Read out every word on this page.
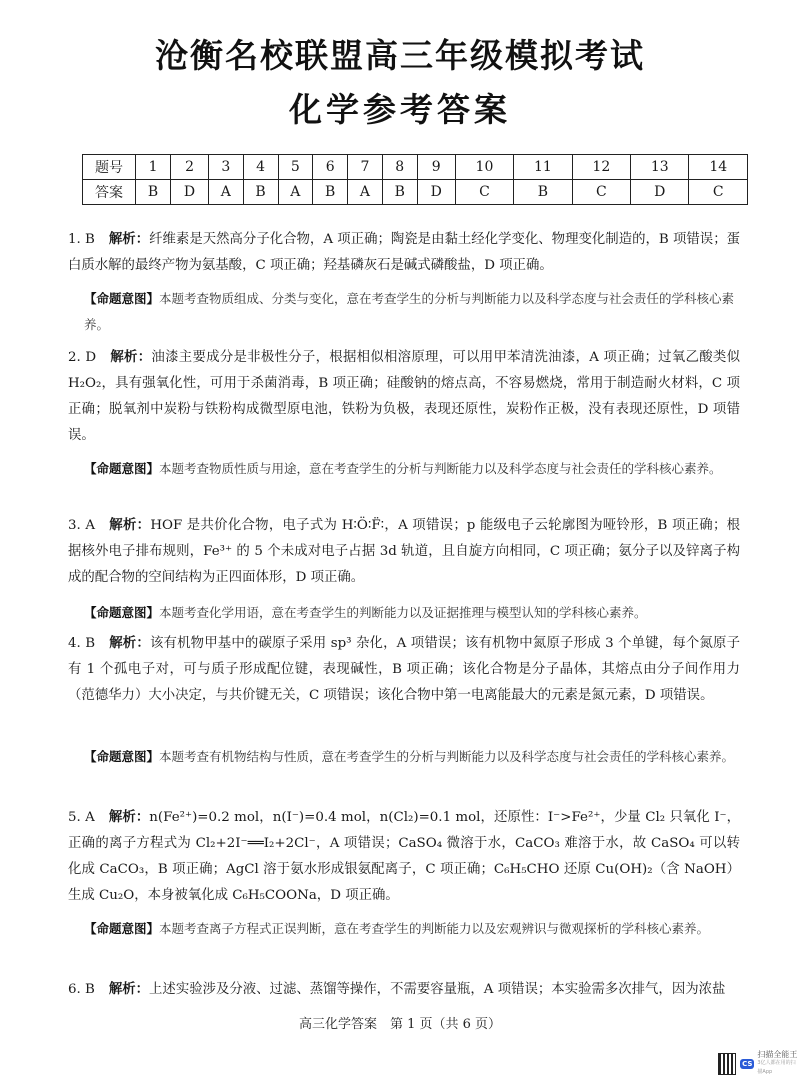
沧衡名校联盟高三年级模拟考试
化学参考答案
题号	1	2	3	4	5	6	7	8	9	10	11	12	13	14
答案	B	D	A	B	A	B	A	B	D	C	B	C	D	C
1. B 解析：纤维素是天然高分子化合物，A 项正确；陶瓷是由黏土经化学变化、物理变化制造的，B 项错误；蛋白质水解的最终产物为氨基酸，C 项正确；羟基磷灰石是碱式磷酸盐，D 项正确。
【命题意图】本题考查物质组成、分类与变化，意在考查学生的分析与判断能力以及科学态度与社会责任的学科核心素养。
2. D 解析：油漆主要成分是非极性分子，根据相似相溶原理，可以用甲苯清洗油漆，A 项正确；过氧乙酸类似 H₂O₂，具有强氧化性，可用于杀菌消毒，B 项正确；硅酸钠的熔点高，不容易燃烧，常用于制造耐火材料，C 项正确；脱氧剂中炭粉与铁粉构成微型原电池，铁粉为负极，表现还原性，炭粉作正极，没有表现还原性，D 项错误。
【命题意图】本题考查物质性质与用途，意在考查学生的分析与判断能力以及科学态度与社会责任的学科核心素养。
3. A 解析：HOF 是共价化合物，电子式为 H∶Ö∶F̈∶，A 项错误；p 能级电子云轮廓图为哑铃形，B 项正确；根据核外电子排布规则，Fe³⁺ 的 5 个未成对电子占据 3d 轨道，且自旋方向相同，C 项正确；氨分子以及锌离子构成的配合物的空间结构为正四面体形，D 项正确。
【命题意图】本题考查化学用语，意在考查学生的判断能力以及证据推理与模型认知的学科核心素养。
4. B 解析：该有机物甲基中的碳原子采用 sp³ 杂化，A 项错误；该有机物中氮原子形成 3 个单键，每个氮原子有 1 个孤电子对，可与质子形成配位键，表现碱性，B 项正确；该化合物是分子晶体，其熔点由分子间作用力（范德华力）大小决定，与共价键无关，C 项错误；该化合物中第一电离能最大的元素是氮元素，D 项错误。
【命题意图】本题考查有机物结构与性质，意在考查学生的分析与判断能力以及科学态度与社会责任的学科核心素养。
5. A 解析：n(Fe²⁺)=0.2 mol，n(I⁻)=0.4 mol，n(Cl₂)=0.1 mol，还原性：I⁻>Fe²⁺，少量 Cl₂ 只氧化 I⁻，正确的离子方程式为 Cl₂+2I⁻══I₂+2Cl⁻，A 项错误；CaSO₄ 微溶于水，CaCO₃ 难溶于水，故 CaSO₄ 可以转化成 CaCO₃，B 项正确；AgCl 溶于氨水形成银氨配离子，C 项正确；C₆H₅CHO 还原 Cu(OH)₂（含 NaOH）生成 Cu₂O，本身被氧化成 C₆H₅COONa，D 项正确。
【命题意图】本题考查离子方程式正误判断，意在考查学生的判断能力以及宏观辨识与微观探析的学科核心素养。
6. B 解析：上述实验涉及分液、过滤、蒸馏等操作，不需要容量瓶，A 项错误；本实验需多次排气，因为浓盐
高三化学答案　第 1 页（共 6 页）
CS
扫描全能王
3亿人都在用的扫描App
